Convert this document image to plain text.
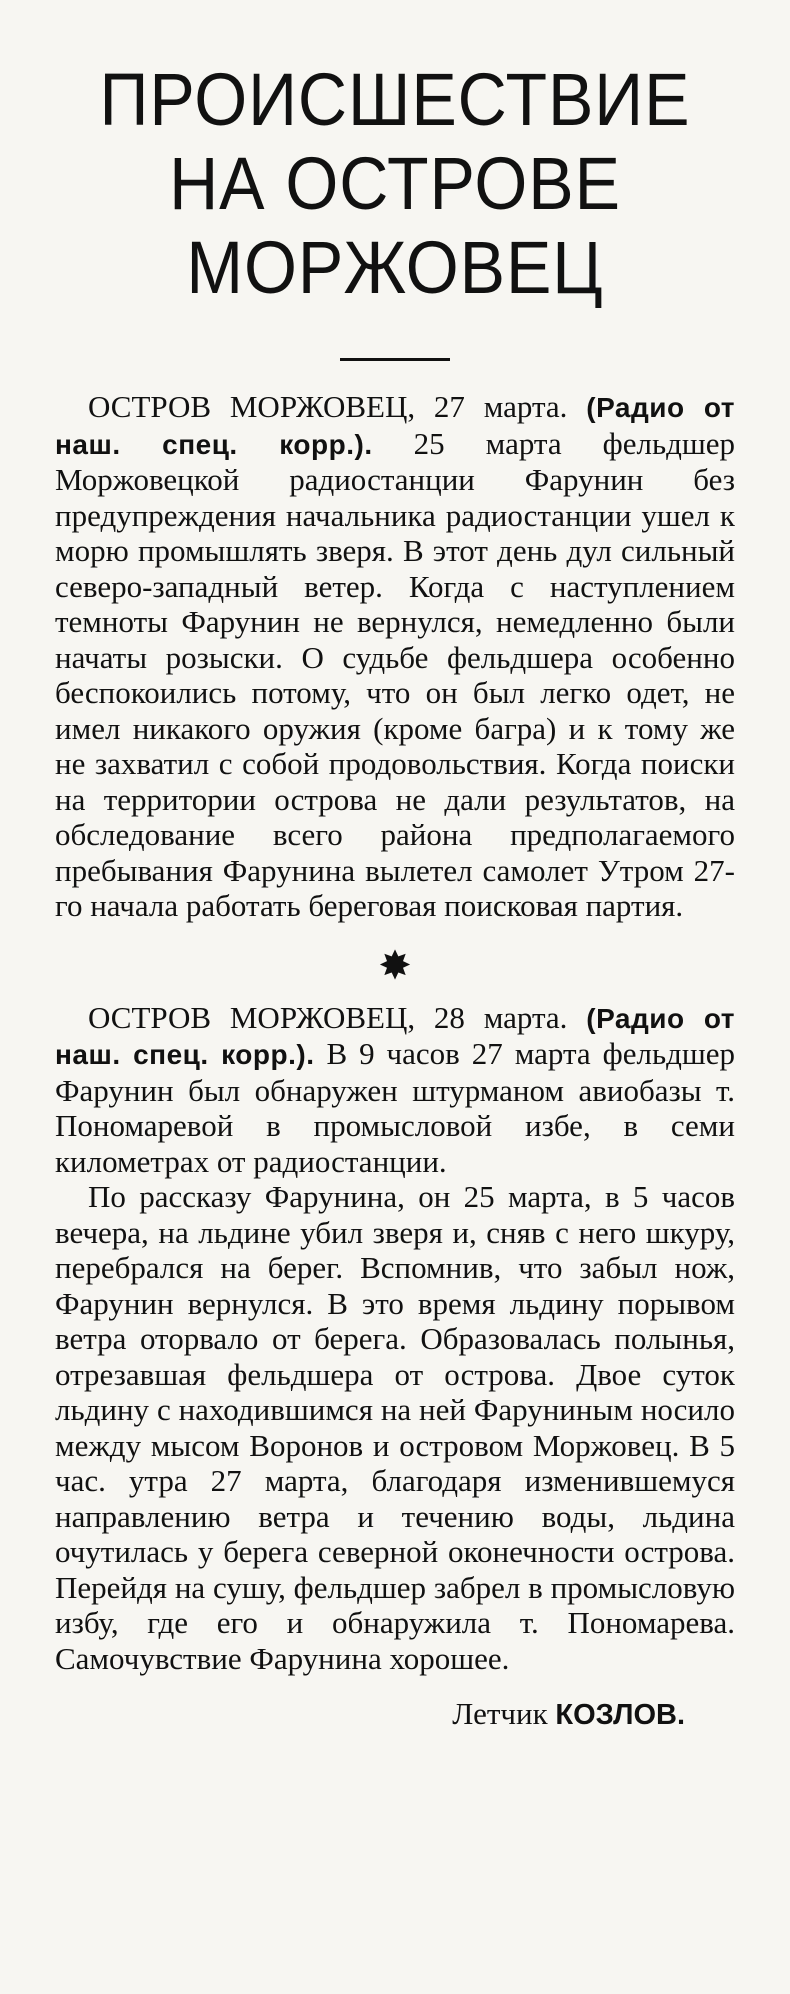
ПРОИСШЕСТВИЕ
НА ОСТРОВЕ
МОРЖОВЕЦ

ОСТРОВ МОРЖОВЕЦ, 27 марта. (Радио от наш. спец. корр.). 25 марта фельдшер Моржовецкой радиостанции Фарунин без предупреждения начальника радиостанции ушел к морю промышлять зверя. В этот день дул сильный северо-западный ветер. Когда с наступлением темноты Фарунин не вернулся, немедленно были начаты розыски. О судьбе фельдшера особенно беспокоились потому, что он был легко одет, не имел никакого оружия (кроме багра) и к тому же не захватил с собой продовольствия. Когда поиски на территории острова не дали результатов, на обследование всего района предполагаемого пребывания Фарунина вылетел самолет Утром 27-го начала работать береговая поисковая партия.

✸

ОСТРОВ МОРЖОВЕЦ, 28 марта. (Радио от наш. спец. корр.). В 9 часов 27 марта фельдшер Фарунин был обнаружен штурманом авиобазы т. Пономаревой в промысловой избе, в семи километрах от радиостанции.

По рассказу Фарунина, он 25 марта, в 5 часов вечера, на льдине убил зверя и, сняв с него шкуру, перебрался на берег. Вспомнив, что забыл нож, Фарунин вернулся. В это время льдину порывом ветра оторвало от берега. Образовалась полынья, отрезавшая фельдшера от острова. Двое суток льдину с находившимся на ней Фаруниным носило между мысом Воронов и островом Моржовец. В 5 час. утра 27 марта, благодаря изменившемуся направлению ветра и течению воды, льдина очутилась у берега северной оконечности острова. Перейдя на сушу, фельдшер забрел в промысловую избу, где его и обнаружила т. Пономарева. Самочувствие Фарунина хорошее.

Летчик КОЗЛОВ.
